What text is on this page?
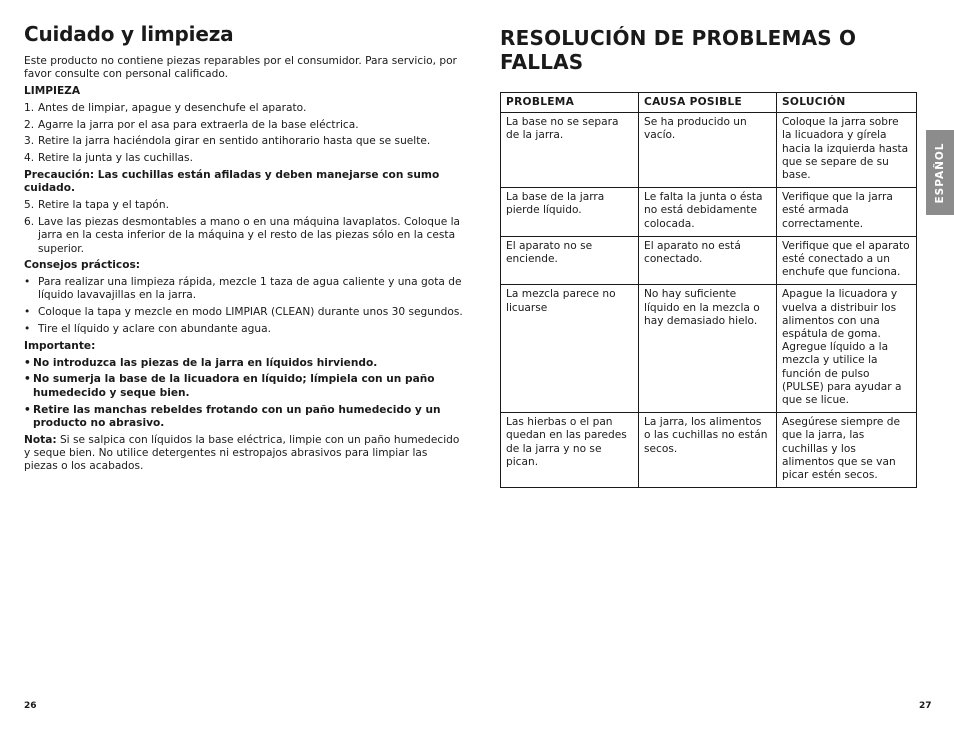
Cuidado y limpieza

Este producto no contiene piezas reparables por el consumidor. Para servicio, por favor consulte con personal calificado.

LIMPIEZA

1. Antes de limpiar, apague y desenchufe el aparato.
2. Agarre la jarra por el asa para extraerla de la base eléctrica.
3. Retire la jarra haciéndola girar en sentido antihorario hasta que se suelte.
4. Retire la junta y las cuchillas.

Precaución: Las cuchillas están afiladas y deben manejarse con sumo cuidado.

5. Retire la tapa y el tapón.
6. Lave las piezas desmontables a mano o en una máquina lavaplatos. Coloque la jarra en la cesta inferior de la máquina y el resto de las piezas sólo en la cesta superior.

Consejos prácticos:

• Para realizar una limpieza rápida, mezcle 1 taza de agua caliente y una gota de líquido lavavajillas en la jarra.
• Coloque la tapa y mezcle en modo LIMPIAR (CLEAN) durante unos 30 segundos.
• Tire el líquido y aclare con abundante agua.

Importante:

• No introduzca las piezas de la jarra en líquidos hirviendo.
• No sumerja la base de la licuadora en líquido; límpiela con un paño humedecido y seque bien.
• Retire las manchas rebeldes frotando con un paño humedecido y un producto no abrasivo.

Nota: Si se salpica con líquidos la base eléctrica, limpie con un paño humedecido y seque bien. No utilice detergentes ni estropajos abrasivos para limpiar las piezas o los acabados.

26
RESOLUCIÓN DE PROBLEMAS O FALLAS
PROBLEMA	CAUSA POSIBLE	SOLUCIÓN
La base no se separa de la jarra.	Se ha producido un vacío.	Coloque la jarra sobre la licuadora y gírela hacia la izquierda hasta que se separe de su base.
La base de la jarra pierde líquido.	Le falta la junta o ésta no está debidamente colocada.	Verifique que la jarra esté armada correctamente.
El aparato no se enciende.	El aparato no está conectado.	Verifique que el aparato esté conectado a un enchufe que funciona.
La mezcla parece no licuarse	No hay suficiente líquido en la mezcla o hay demasiado hielo.	Apague la licuadora y vuelva a distribuir los alimentos con una espátula de goma. Agregue líquido a la mezcla y utilice la función de pulso (PULSE) para ayudar a que se licue.
Las hierbas o el pan quedan en las paredes de la jarra y no se pican.	La jarra, los alimentos o las cuchillas no están secos.	Asegúrese siempre de que la jarra, las cuchillas y los alimentos que se van picar estén secos.
ESPAÑOL
27
